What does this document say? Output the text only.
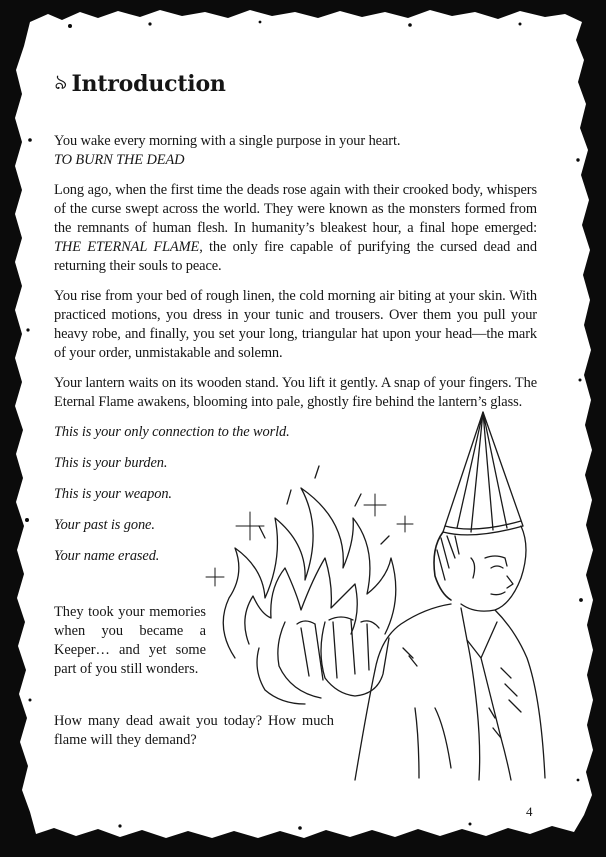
৯ Introduction

You wake every morning with a single purpose in your heart.
TO BURN THE DEAD

Long ago, when the first time the deads rose again with their crooked body, whispers of the curse swept across the world. They were known as the monsters formed from the remnants of human flesh. In humanity’s bleakest hour, a final hope emerged: THE ETERNAL FLAME, the only fire capable of purifying the cursed dead and returning their souls to peace.

You rise from your bed of rough linen, the cold morning air biting at your skin. With practiced motions, you dress in your tunic and trousers. Over them you pull your heavy robe, and finally, you set your long, triangular hat upon your head—the mark of your order, unmistakable and solemn.

Your lantern waits on its wooden stand. You lift it gently. A snap of your fingers. The Eternal Flame awakens, blooming into pale, ghostly fire behind the lantern’s glass.

This is your only connection to the world.

This is your burden.

This is your weapon.

Your past is gone.

Your name erased.

They took your memories when you became a Keeper… and yet some part of you still wonders.

How many dead await you today? How much flame will they demand?

4
